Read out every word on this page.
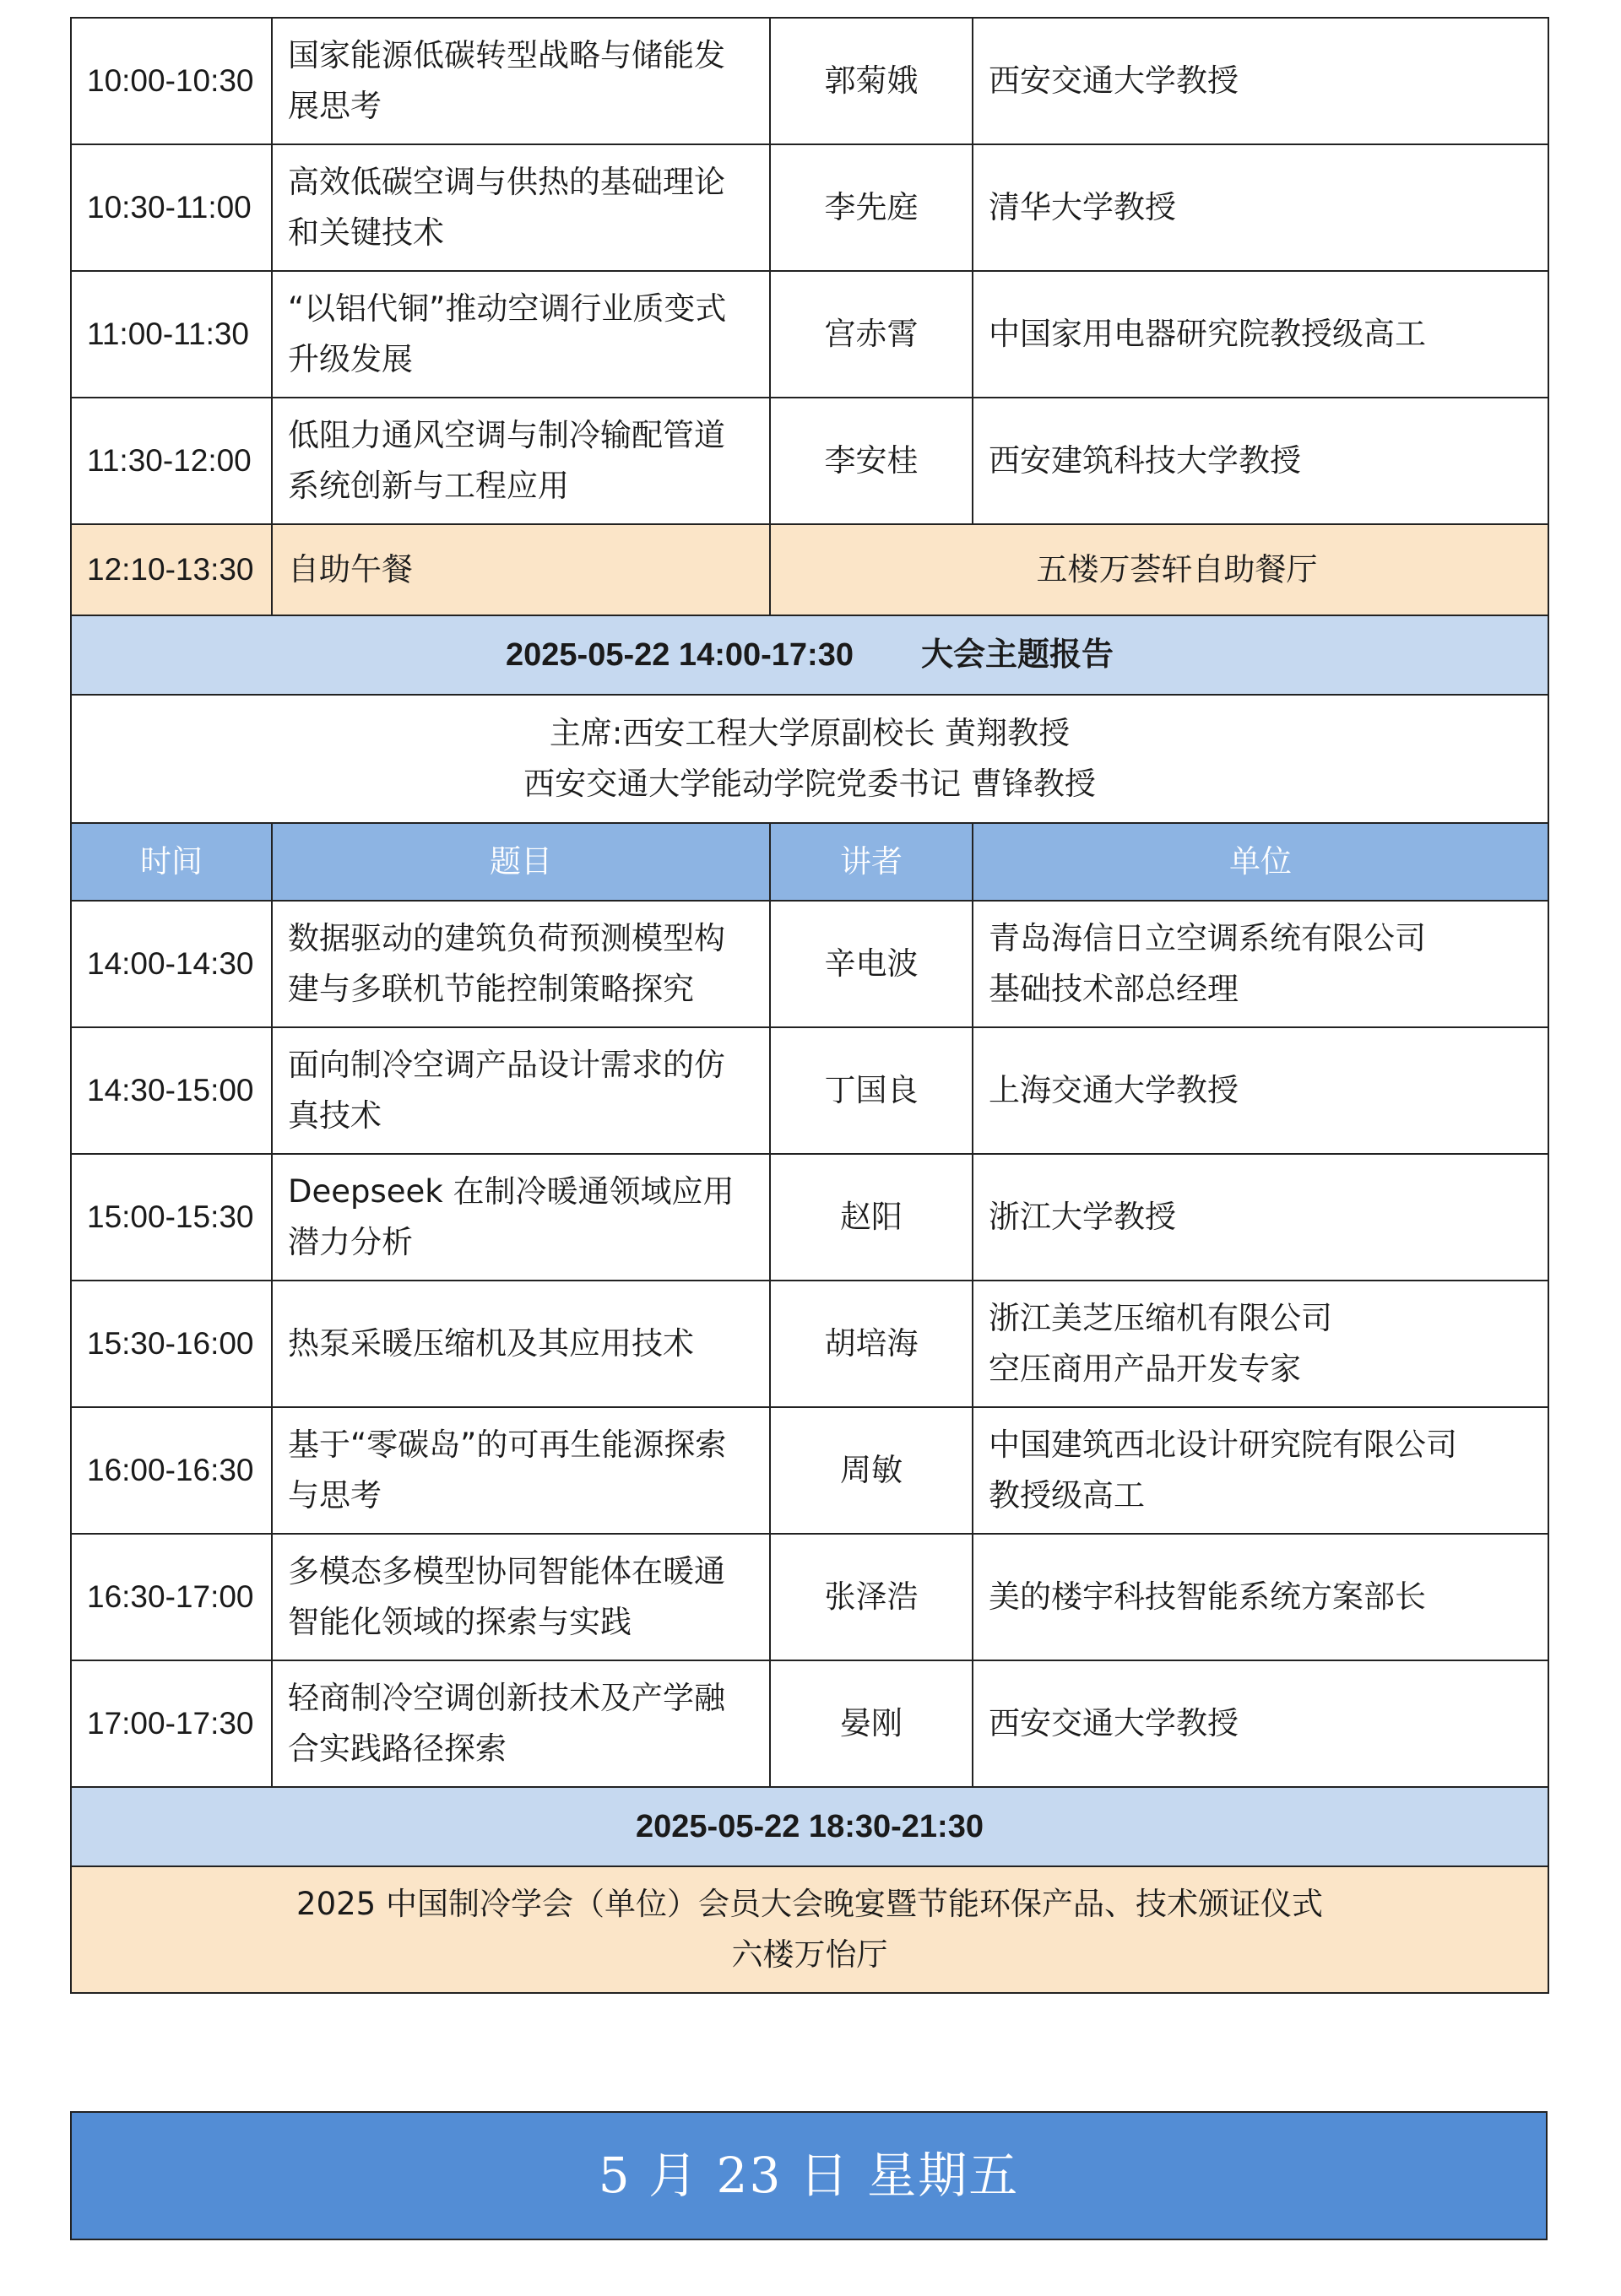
10:00-10:30	国家能源低碳转型战略与储能发展思考	郭菊娥	西安交通大学教授
10:30-11:00	高效低碳空调与供热的基础理论和关键技术	李先庭	清华大学教授
11:00-11:30	“以铝代铜”推动空调行业质变式升级发展	宫赤霄	中国家用电器研究院教授级高工
11:30-12:00	低阻力通风空调与制冷输配管道系统创新与工程应用	李安桂	西安建筑科技大学教授
12:10-13:30	自助午餐	五楼万荟轩自助餐厅	
2025-05-22 14:00-17:30 大会主题报告			

主席:西安工程大学原副校长 黄翔教授
西安交通大学能动学院党委书记 曹锋教授			

时间	题目	讲者	单位
14:00-14:30	数据驱动的建筑负荷预测模型构建与多联机节能控制策略探究	辛电波	青岛海信日立空调系统有限公司
基础技术部总经理

14:30-15:00	面向制冷空调产品设计需求的仿真技术	丁国良	上海交通大学教授

15:00-15:30	Deepseek 在制冷暖通领域应用潜力分析	赵阳	浙江大学教授

15:30-16:00	热泵采暖压缩机及其应用技术	胡培海	浙江美芝压缩机有限公司
空压商用产品开发专家

16:00-16:30	基于“零碳岛”的可再生能源探索与思考	周敏	中国建筑西北设计研究院有限公司
教授级高工

16:30-17:00	多模态多模型协同智能体在暖通智能化领域的探索与实践	张泽浩	美的楼宇科技智能系统方案部长

17:00-17:30	轻商制冷空调创新技术及产学融合实践路径探索	晏刚	西安交通大学教授

2025-05-22 18:30-21:30			

2025 中国制冷学会（单位）会员大会晚宴暨节能环保产品、技术颁证仪式
六楼万怡厅			
5 月 23 日 星期五
